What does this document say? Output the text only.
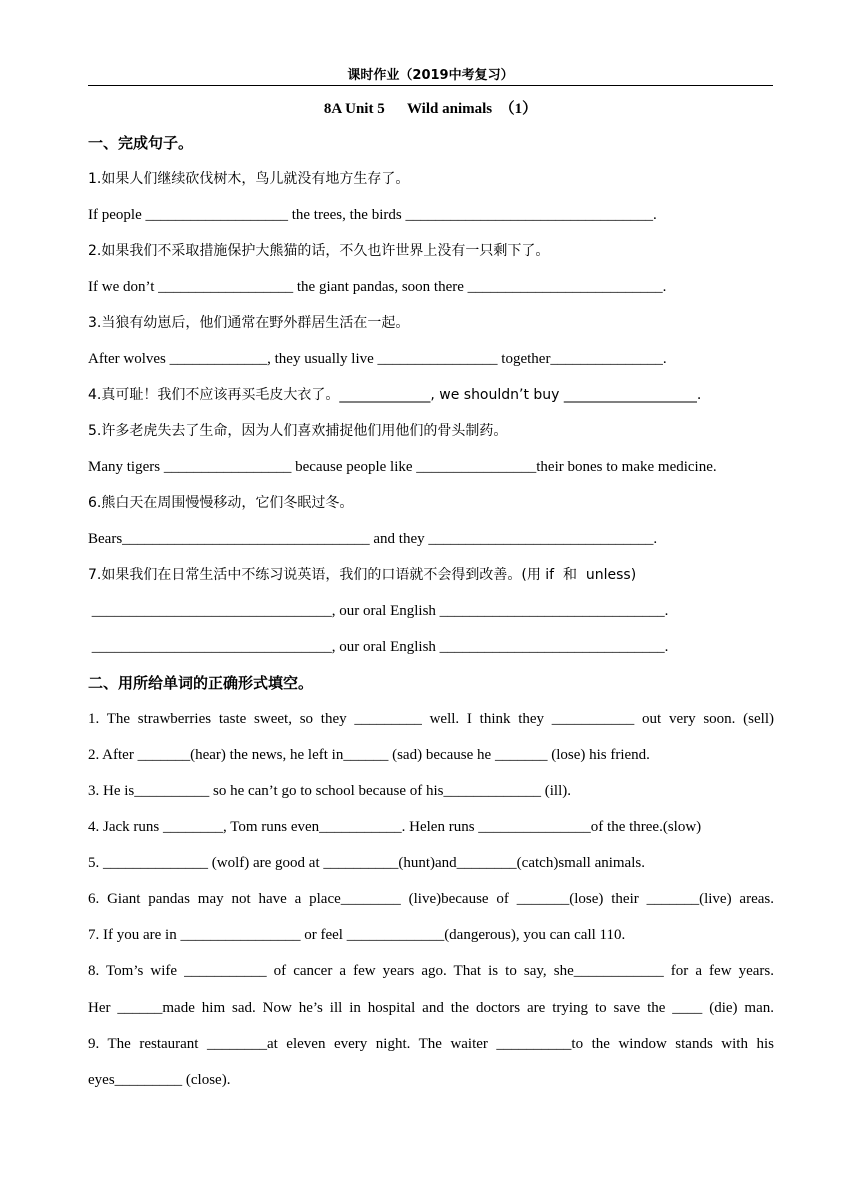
课时作业（2019中考复习）
8A Unit 5      Wild animals  （1）
一、完成句子。
1.如果人们继续砍伐树木，鸟儿就没有地方生存了。
If people ___________________ the trees, the birds _________________________________.
2.如果我们不采取措施保护大熊猫的话，不久也许世界上没有一只剩下了。
If we don’t __________________ the giant pandas, soon there __________________________.
3.当狼有幼崽后，他们通常在野外群居生活在一起。
After wolves _____________, they usually live ________________ together_______________.
4.真可耻！我们不应该再买毛皮大衣了。_____________, we shouldn’t buy ___________________.
5.许多老虎失去了生命，因为人们喜欢捕捉他们用他们的骨头制药。
Many tigers _________________ because people like ________________their bones to make medicine.
6.熊白天在周围慢慢移动，它们冬眠过冬。
Bears_________________________________ and they ______________________________.
7.如果我们在日常生活中不练习说英语，我们的口语就不会得到改善。(用 if  和  unless)
________________________________, our oral English ______________________________.
________________________________, our oral English ______________________________.
二、用所给单词的正确形式填空。
1. The strawberries taste sweet, so they _________ well. I think they ___________ out very soon. (sell)
2. After _______(hear) the news, he left in______ (sad) because he _______ (lose) his friend.
3. He is__________ so he can’t go to school because of his_____________ (ill).
4. Jack runs ________, Tom runs even___________. Helen runs _______________of the three.(slow)
5. ______________ (wolf) are good at __________(hunt)and________(catch)small animals.
6. Giant pandas may not have a place________ (live)because of _______(lose) their _______(live) areas.
7. If you are in ________________ or feel _____________(dangerous), you can call 110.
8. Tom’s wife ___________ of cancer a few years ago. That is to say, she____________ for a few years.
Her ______made him sad. Now he’s ill in hospital and the doctors are trying to save the ____ (die) man.
9. The restaurant ________at eleven every night. The waiter __________to the window stands with his
eyes_________ (close).
